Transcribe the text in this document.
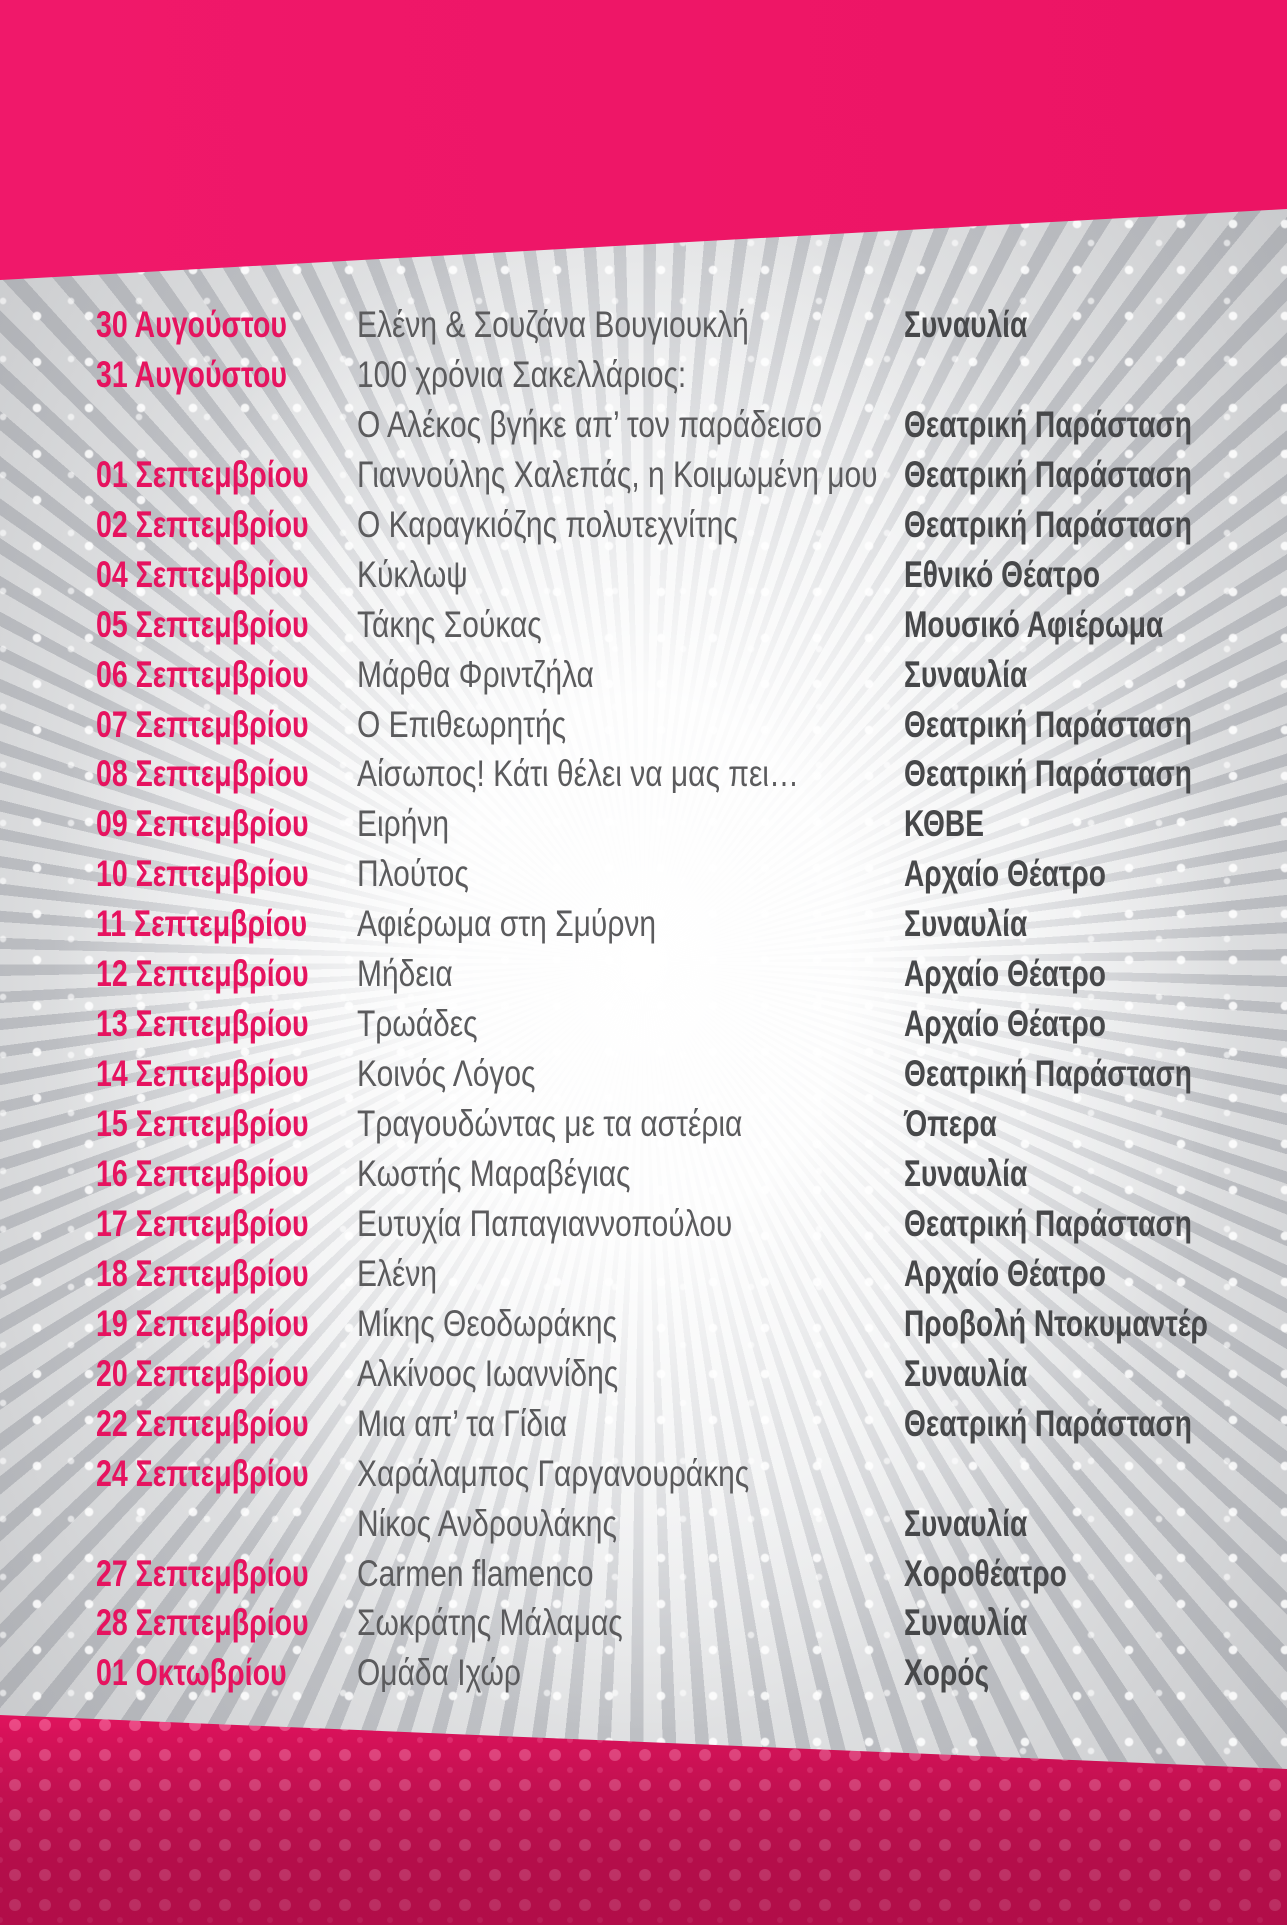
30 Αυγούστου Ελένη & Σουζάνα Βουγιουκλή	Συναυλία
31 Αυγούστου 100 χρόνια Σακελλάριος:
Ο Αλέκος βγήκε απ’ τον παράδεισο Θεατρική Παράσταση
01 Σεπτεμβρίου Γιαννούλης Χαλεπάς, η Κοιμωμένη μου Θεατρική Παράσταση
02 Σεπτεμβρίου Ο Καραγκιόζης πολυτεχνίτης	Θεατρική Παράσταση
04 Σεπτεμβρίου Κύκλωψ	Εθνικό Θέατρο
05 Σεπτεμβρίου Τάκης Σούκας	Μουσικό Αφιέρωμα
06 Σεπτεμβρίου Μάρθα Φριντζήλα	Συναυλία
07 Σεπτεμβρίου Ο Επιθεωρητής	Θεατρική Παράσταση
08 Σεπτεμβρίου Αίσωπος! Κάτι θέλει να μας πει…	Θεατρική Παράσταση
09 Σεπτεμβρίου Ειρήνη	ΚΘΒΕ
10 Σεπτεμβρίου Πλούτος	Αρχαίο Θέατρο
11 Σεπτεμβρίου Αφιέρωμα στη Σμύρνη	Συναυλία
12 Σεπτεμβρίου Μήδεια	Αρχαίο Θέατρο
13 Σεπτεμβρίου Τρωάδες	Αρχαίο Θέατρο
14 Σεπτεμβρίου Κοινός Λόγος	Θεατρική Παράσταση
15 Σεπτεμβρίου Τραγουδώντας με τα αστέρια	Όπερα
16 Σεπτεμβρίου Κωστής Μαραβέγιας	Συναυλία
17 Σεπτεμβρίου Ευτυχία Παπαγιαννοπούλου	Θεατρική Παράσταση
18 Σεπτεμβρίου Ελένη	Αρχαίο Θέατρο
19 Σεπτεμβρίου Μίκης Θεοδωράκης	Προβολή Ντοκυμαντέρ
20 Σεπτεμβρίου Αλκίνοος Ιωαννίδης	Συναυλία
22 Σεπτεμβρίου Μια απ’ τα Γίδια	Θεατρική Παράσταση
24 Σεπτεμβρίου Χαράλαμπος Γαργανουράκης
Νίκος Ανδρουλάκης	Συναυλία
27 Σεπτεμβρίου Carmen flamenco	Χοροθέατρο
28 Σεπτεμβρίου Σωκράτης Μάλαμας	Συναυλία
01 Οκτωβρίου Ομάδα Ιχώρ	Χορός
